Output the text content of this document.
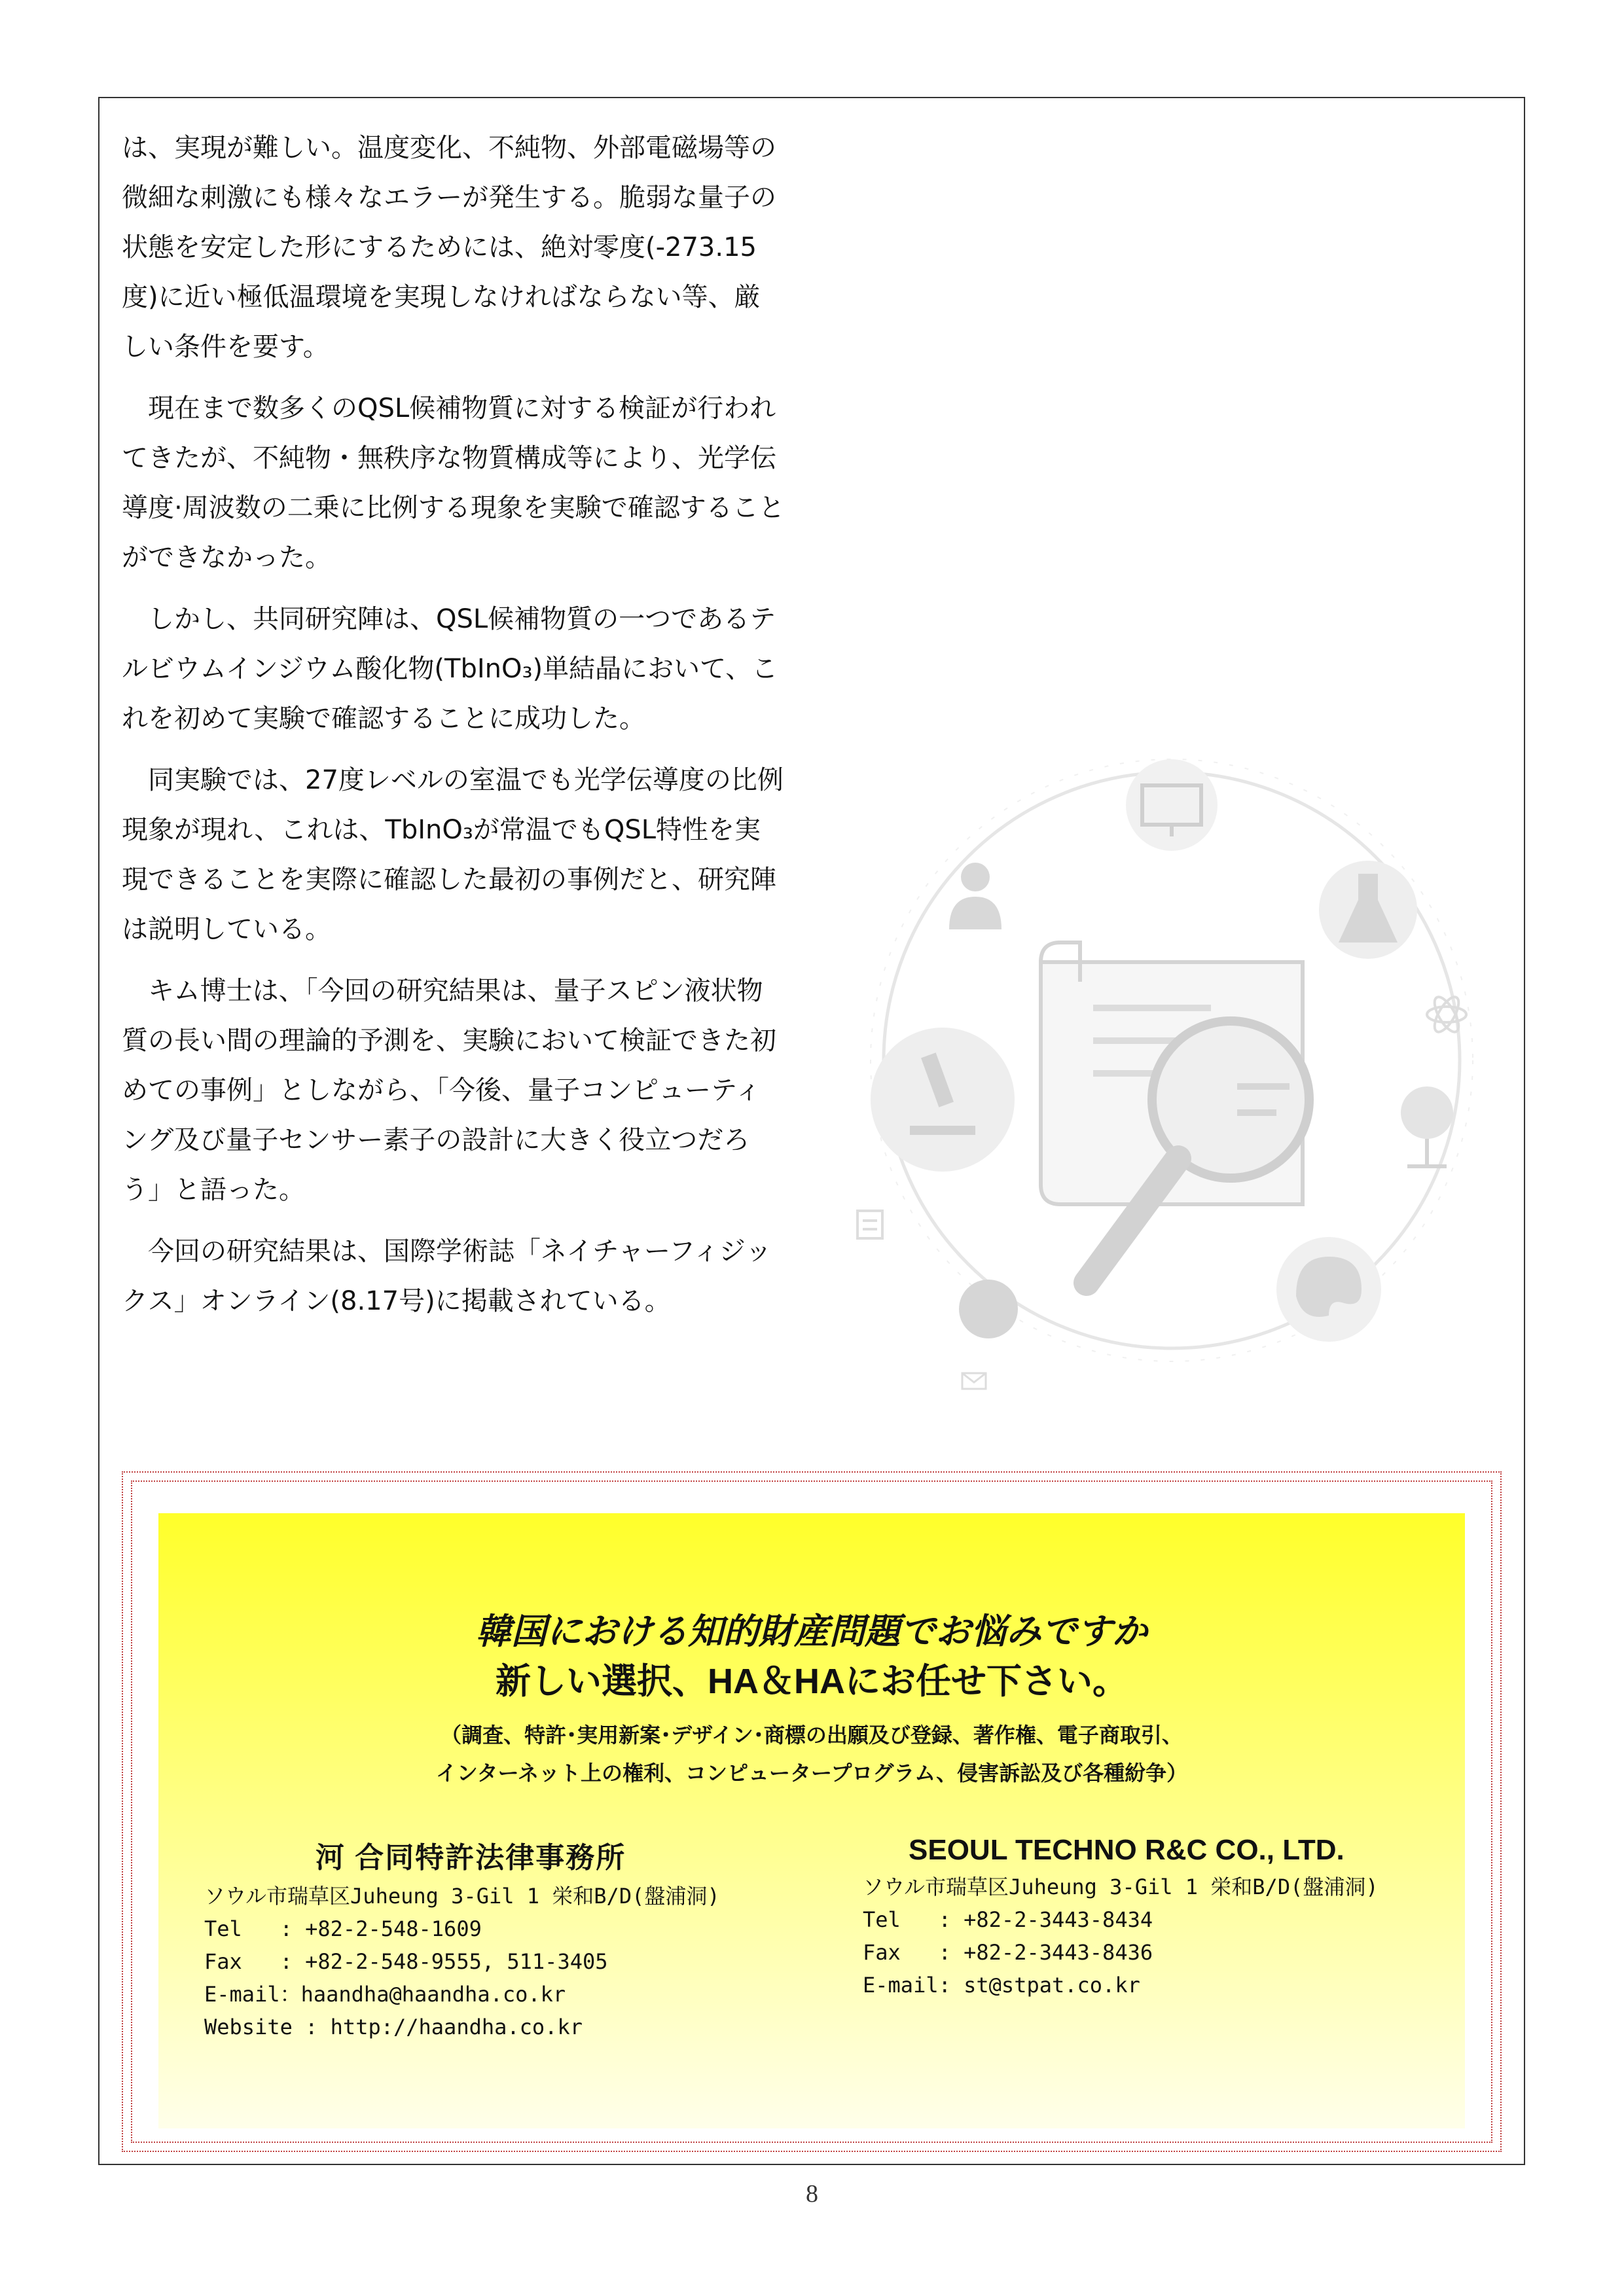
は、実現が難しい。温度変化、不純物、外部電磁場等の微細な刺激にも様々なエラーが発生する。脆弱な量子の状態を安定した形にするためには、絶対零度(-273.15度)に近い極低温環境を実現しなければならない等、厳しい条件を要す。

現在まで数多くのQSL候補物質に対する検証が行われてきたが、不純物・無秩序な物質構成等により、光学伝導度·周波数の二乗に比例する現象を実験で確認することができなかった。

しかし、共同研究陣は、QSL候補物質の一つであるテルビウムインジウム酸化物(TbInO₃)単結晶において、これを初めて実験で確認することに成功した。

同実験では、27度レベルの室温でも光学伝導度の比例現象が現れ、これは、TbInO₃が常温でもQSL特性を実現できることを実際に確認した最初の事例だと、研究陣は説明している。

キム博士は、「今回の研究結果は、量子スピン液状物質の長い間の理論的予測を、実験において検証できた初めての事例」としながら、「今後、量子コンピューティング及び量子センサー素子の設計に大きく役立つだろう」と語った。

今回の研究結果は、国際学術誌「ネイチャーフィジックス」オンライン(8.17号)に掲載されている。

韓国における知的財産問題でお悩みですか
新しい選択、HA＆HAにお任せ下さい。
（調査、特許･実用新案･デザイン･商標の出願及び登録、著作権、電子商取引、
インターネット上の権利、コンピュータープログラム、侵害訴訟及び各種紛争）
河 合同特許法律事務所
ソウル市瑞草区Juheung 3-Gil 1 栄和B/D(盤浦洞)
Tel   : +82-2-548-1609
Fax   : +82-2-548-9555, 511-3405
E-mail：haandha@haandha.co.kr
Website : http://haandha.co.kr
SEOUL TECHNO R&C CO., LTD.
ソウル市瑞草区Juheung 3-Gil 1 栄和B/D(盤浦洞)
Tel   : +82-2-3443-8434
Fax   : +82-2-3443-8436
E-mail: st@stpat.co.kr
8
